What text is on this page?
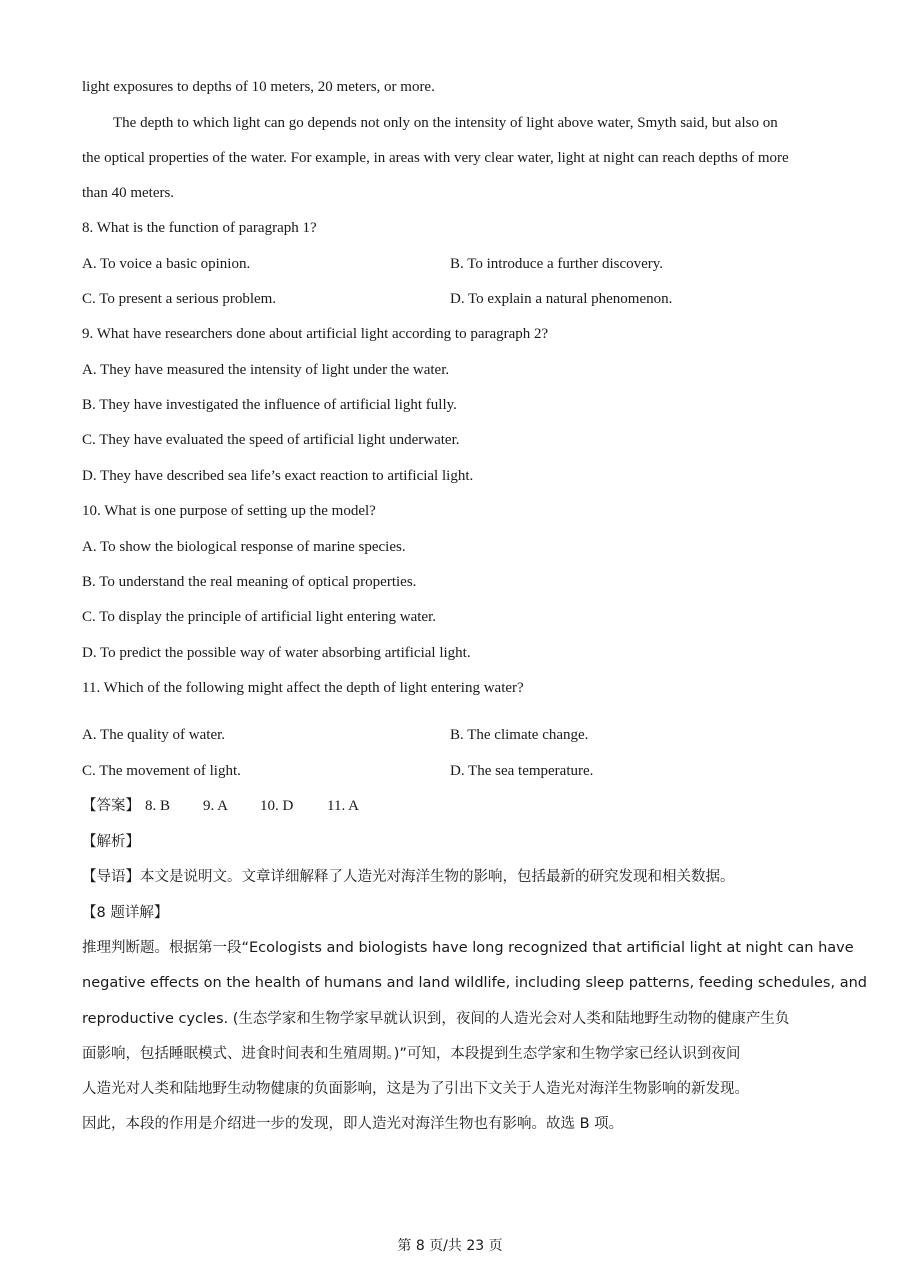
light exposures to depths of 10 meters, 20 meters, or more.
The depth to which light can go depends not only on the intensity of light above water, Smyth said, but also on
the optical properties of the water. For example, in areas with very clear water, light at night can reach depths of more
than 40 meters.
8. What is the function of paragraph 1?
A. To voice a basic opinion.	B. To introduce a further discovery.
C. To present a serious problem.	D. To explain a natural phenomenon.
9. What have researchers done about artificial light according to paragraph 2?
A. They have measured the intensity of light under the water.
B. They have investigated the influence of artificial light fully.
C. They have evaluated the speed of artificial light underwater.
D. They have described sea life’s exact reaction to artificial light.
10. What is one purpose of setting up the model?
A. To show the biological response of marine species.
B. To understand the real meaning of optical properties.
C. To display the principle of artificial light entering water.
D. To predict the possible way of water absorbing artificial light.
11. Which of the following might affect the depth of light entering water?
A. The quality of water.	B. The climate change.
C. The movement of light.	D. The sea temperature.
【答案】 8. B 9. A 10. D 11. A
【解析】
【导语】本文是说明文。文章详细解释了人造光对海洋生物的影响，包括最新的研究发现和相关数据。
【8 题详解】
推理判断题。根据第一段“Ecologists and biologists have long recognized that artificial light at night can have
negative effects on the health of humans and land wildlife, including sleep patterns, feeding schedules, and
reproductive cycles. (生态学家和生物学家早就认识到，夜间的人造光会对人类和陆地野生动物的健康产生负
面影响，包括睡眠模式、进食时间表和生殖周期。)”可知，本段提到生态学家和生物学家已经认识到夜间
人造光对人类和陆地野生动物健康的负面影响，这是为了引出下文关于人造光对海洋生物影响的新发现。
因此，本段的作用是介绍进一步的发现，即人造光对海洋生物也有影响。故选 B 项。
第 8 页/共 23 页
